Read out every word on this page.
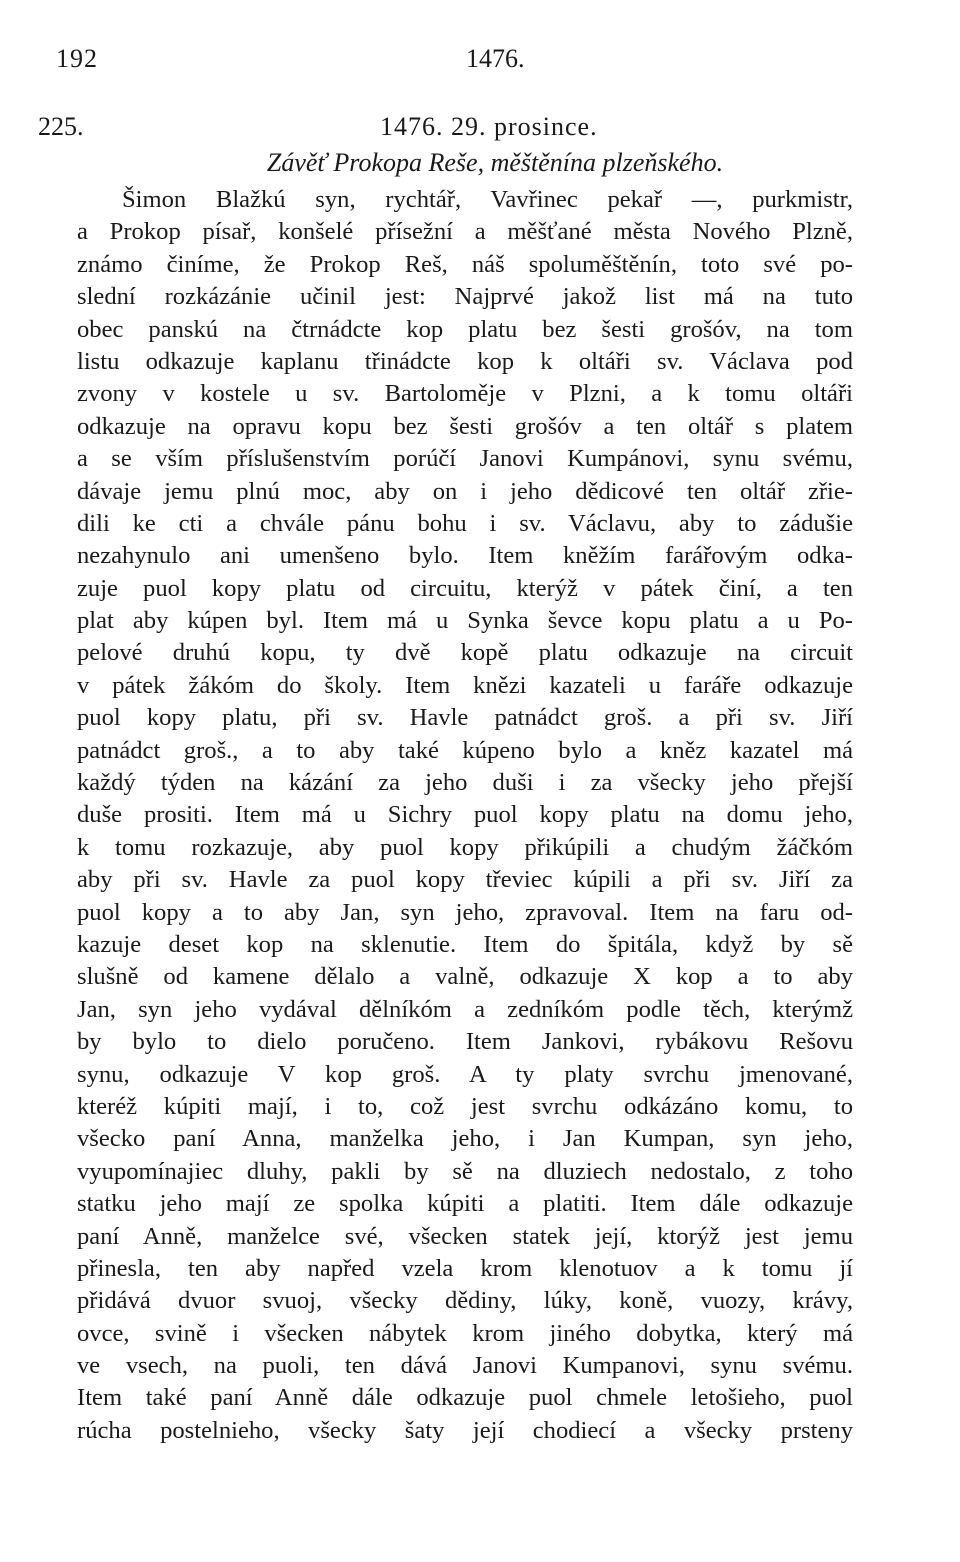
192	1476.
225.	1476. 29. prosince.
Závěť Prokopa Reše, měštěnína plzeňského.
Šimon Blažkú syn, rychtář, Vavřinec pekař —, purkmistr,
a Prokop písař, konšelé přísežní a měšťané města Nového Plzně,
známo činíme, že Prokop Reš, náš spoluměštěnín, toto své po-
slední rozkázánie učinil jest: Najprvé jakož list má na tuto
obec panskú na čtrnádcte kop platu bez šesti grošóv, na tom
listu odkazuje kaplanu třinádcte kop k oltáři sv. Václava pod
zvony v kostele u sv. Bartoloměje v Plzni, a k tomu oltáři
odkazuje na opravu kopu bez šesti grošóv a ten oltář s platem
a se vším příslušenstvím porúčí Janovi Kumpánovi, synu svému,
dávaje jemu plnú moc, aby on i jeho dědicové ten oltář zřie-
dili ke cti a chvále pánu bohu i sv. Václavu, aby to zádušie
nezahynulo ani umenšeno bylo. Item kněžím farářovým odka-
zuje puol kopy platu od circuitu, kterýž v pátek činí, a ten
plat aby kúpen byl. Item má u Synka ševce kopu platu a u Po-
pelové druhú kopu, ty dvě kopě platu odkazuje na circuit
v pátek žákóm do školy. Item knězi kazateli u faráře odkazuje
puol kopy platu, při sv. Havle patnádct groš. a při sv. Jiří
patnádct groš., a to aby také kúpeno bylo a kněz kazatel má
každý týden na kázání za jeho duši i za všecky jeho přejší
duše prositi. Item má u Sichry puol kopy platu na domu jeho,
k tomu rozkazuje, aby puol kopy přikúpili a chudým žáčkóm
aby při sv. Havle za puol kopy třeviec kúpili a při sv. Jiří za
puol kopy a to aby Jan, syn jeho, zpravoval. Item na faru od-
kazuje deset kop na sklenutie. Item do špitála, když by sě
slušně od kamene dělalo a valně, odkazuje X kop a to aby
Jan, syn jeho vydával dělníkóm a zedníkóm podle těch, kterýmž
by bylo to dielo poručeno. Item Jankovi, rybákovu Rešovu
synu, odkazuje V kop groš. A ty platy svrchu jmenované,
kteréž kúpiti mají, i to, což jest svrchu odkázáno komu, to
všecko paní Anna, manželka jeho, i Jan Kumpan, syn jeho,
vyupomínajiec dluhy, pakli by sě na dluziech nedostalo, z toho
statku jeho mají ze spolka kúpiti a platiti. Item dále odkazuje
paní Anně, manželce své, všecken statek její, ktorýž jest jemu
přinesla, ten aby napřed vzela krom klenotuov a k tomu jí
přidává dvuor svuoj, všecky dědiny, lúky, koně, vuozy, krávy,
ovce, svině i všecken nábytek krom jiného dobytka, který má
ve vsech, na puoli, ten dává Janovi Kumpanovi, synu svému.
Item také paní Anně dále odkazuje puol chmele letošieho, puol
rúcha postelnieho, všecky šaty její chodiecí a všecky prsteny
